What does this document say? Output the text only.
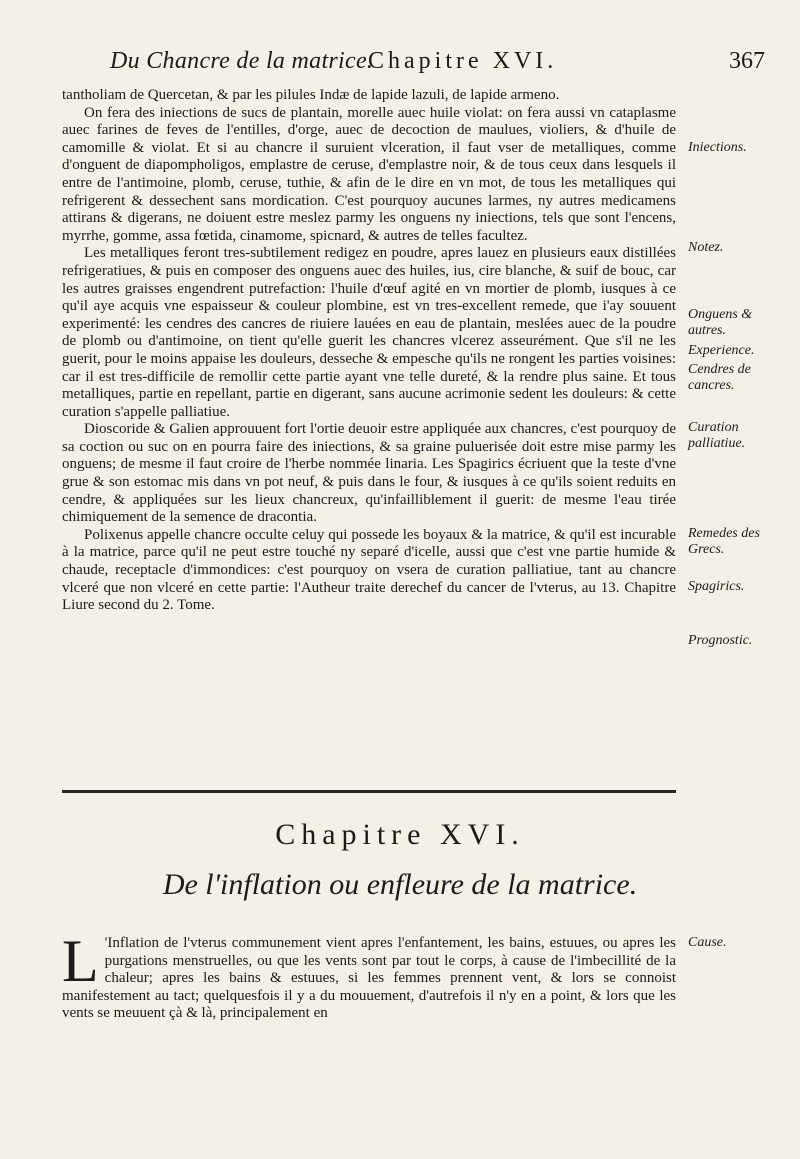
Du Chancre de la matrice.
Chapitre XVI.	367

tantholiam de Quercetan, & par les pilules Indæ de lapide lazuli, de lapide armeno.

On fera des iniections de sucs de plantain, morelle auec huile violat: on fera aussi vn cataplasme auec farines de feves de l'entilles, d'orge, auec de decoction de maulues, violiers, & d'huile de camomille & violat. Et si au chancre il suruient vlceration, il faut vser de metalliques, comme d'onguent de diapompholigos, emplastre de ceruse, d'emplastre noir, & de tous ceux dans lesquels il entre de l'antimoine, plomb, ceruse, tuthie, & afin de le dire en vn mot, de tous les metalliques qui refrigerent & dessechent sans mordication. C'est pourquoy aucunes larmes, ny autres medicamens attirans & digerans, ne doiuent estre meslez parmy les onguens ny iniections, tels que sont l'encens, myrrhe, gomme, assa fœtida, cinamome, spicnard, & autres de telles facultez.

Les metalliques feront tres-subtilement redigez en poudre, apres lauez en plusieurs eaux distillées refrigeratiues, & puis en composer des onguens auec des huiles, ius, cire blanche, & suif de bouc, car les autres graisses engendrent putrefaction: l'huile d'œuf agité en vn mortier de plomb, iusques à ce qu'il aye acquis vne espaisseur & couleur plombine, est vn tres-excellent remede, que i'ay souuent experimenté: les cendres des cancres de riuiere lauées en eau de plantain, meslées auec de la poudre de plomb ou d'antimoine, on tient qu'elle guerit les chancres vlcerez asseurément. Que s'il ne les guerit, pour le moins appaise les douleurs, desseche & empesche qu'ils ne rongent les parties voisines: car il est tres-difficile de remollir cette partie ayant vne telle dureté, & la rendre plus saine. Et tous metalliques, partie en repellant, partie en digerant, sans aucune acrimonie sedent les douleurs: & cette curation s'appelle palliatiue.

Dioscoride & Galien approuuent fort l'ortie deuoir estre appliquée aux chancres, c'est pourquoy de sa coction ou suc on en pourra faire des iniections, & sa graine pulueriséе doit estre mise parmy les onguens; de mesme il faut croire de l'herbe nommée linaria. Les Spagirics écriuent que la teste d'vne grue & son estomac mis dans vn pot neuf, & puis dans le four, & iusques à ce qu'ils soient reduits en cendre, & appliquées sur les lieux chancreux, qu'infailliblement il guerit: de mesme l'eau tirée chimiquement de la semence de dracontia.

Polixenus appelle chancre occulte celuy qui possede les boyaux & la matrice, & qu'il est incurable à la matrice, parce qu'il ne peut estre touché ny separé d'icelle, aussi que c'est vne partie humide & chaude, receptacle d'immondices: c'est pourquoy on vsera de curation palliatiue, tant au chancre vlceré que non vlceré en cette partie: l'Autheur traite derechef du cancer de l'vterus, au 13. Chapitre Liure second du 2. Tome.

Iniections.
Notez.
Onguens & autres.
Experience.
Cendres de cancres.
Curation palliatiue.
Remedes des Grecs.
Spagirics.
Prognostic.
Cause.
Chapitre XVI.
De l'inflation ou enfleure de la matrice.
L 'Inflation de l'vterus communement vient apres l'enfantement, les bains, estuues, ou apres les purgations menstruelles, ou que les vents sont par tout le corps, à cause de l'imbecillité de la chaleur; apres les bains & estuues, si les femmes prennent vent, & lors se connoist manifestement au tact; quelquesfois il y a du mouuement, d'autrefois il n'y en a point, & lors que les vents se meuuent çà & là, principalement en
